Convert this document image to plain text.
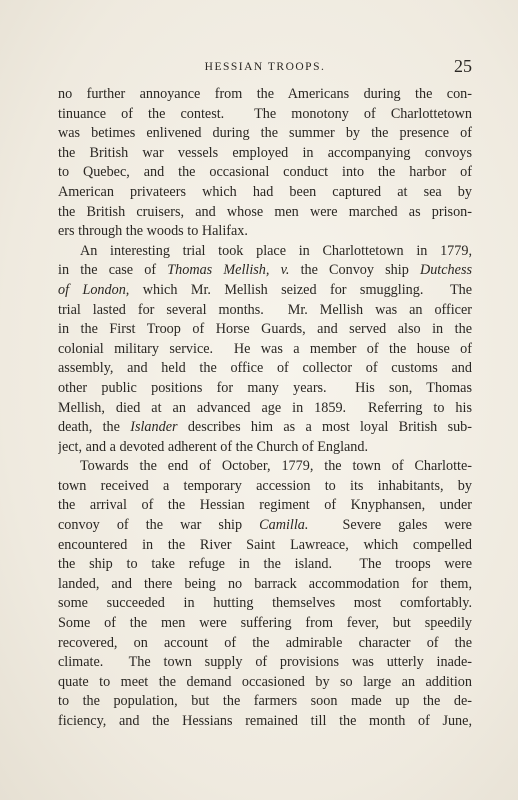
HESSIAN TROOPS.	25
no further annoyance from the Americans during the con-
tinuance of the contest.  The monotony of Charlottetown
was betimes enlivened during the summer by the presence of
the British war vessels employed in accompanying convoys
to Quebec, and the occasional conduct into the harbor of
American privateers which had been captured at sea by
the British cruisers, and whose men were marched as prison-
ers through the woods to Halifax.
An interesting trial took place in Charlottetown in 1779,
in the case of Thomas Mellish, v. the Convoy ship Dutchess
of London, which Mr. Mellish seized for smuggling.  The
trial lasted for several months.  Mr. Mellish was an officer
in the First Troop of Horse Guards, and served also in the
colonial military service.  He was a member of the house of
assembly, and held the office of collector of customs and
other public positions for many years.  His son, Thomas
Mellish, died at an advanced age in 1859.  Referring to his
death, the Islander describes him as a most loyal British sub-
ject, and a devoted adherent of the Church of England.
Towards the end of October, 1779, the town of Charlotte-
town received a temporary accession to its inhabitants, by
the arrival of the Hessian regiment of Knyphansen, under
convoy of the war ship Camilla.  Severe gales were
encountered in the River Saint Lawreace, which compelled
the ship to take refuge in the island.  The troops were
landed, and there being no barrack accommodation for them,
some succeeded in hutting themselves most comfortably.
Some of the men were suffering from fever, but speedily
recovered, on account of the admirable character of the
climate.  The town supply of provisions was utterly inade-
quate to meet the demand occasioned by so large an addition
to the population, but the farmers soon made up the de-
ficiency, and the Hessians remained till the month of June,
